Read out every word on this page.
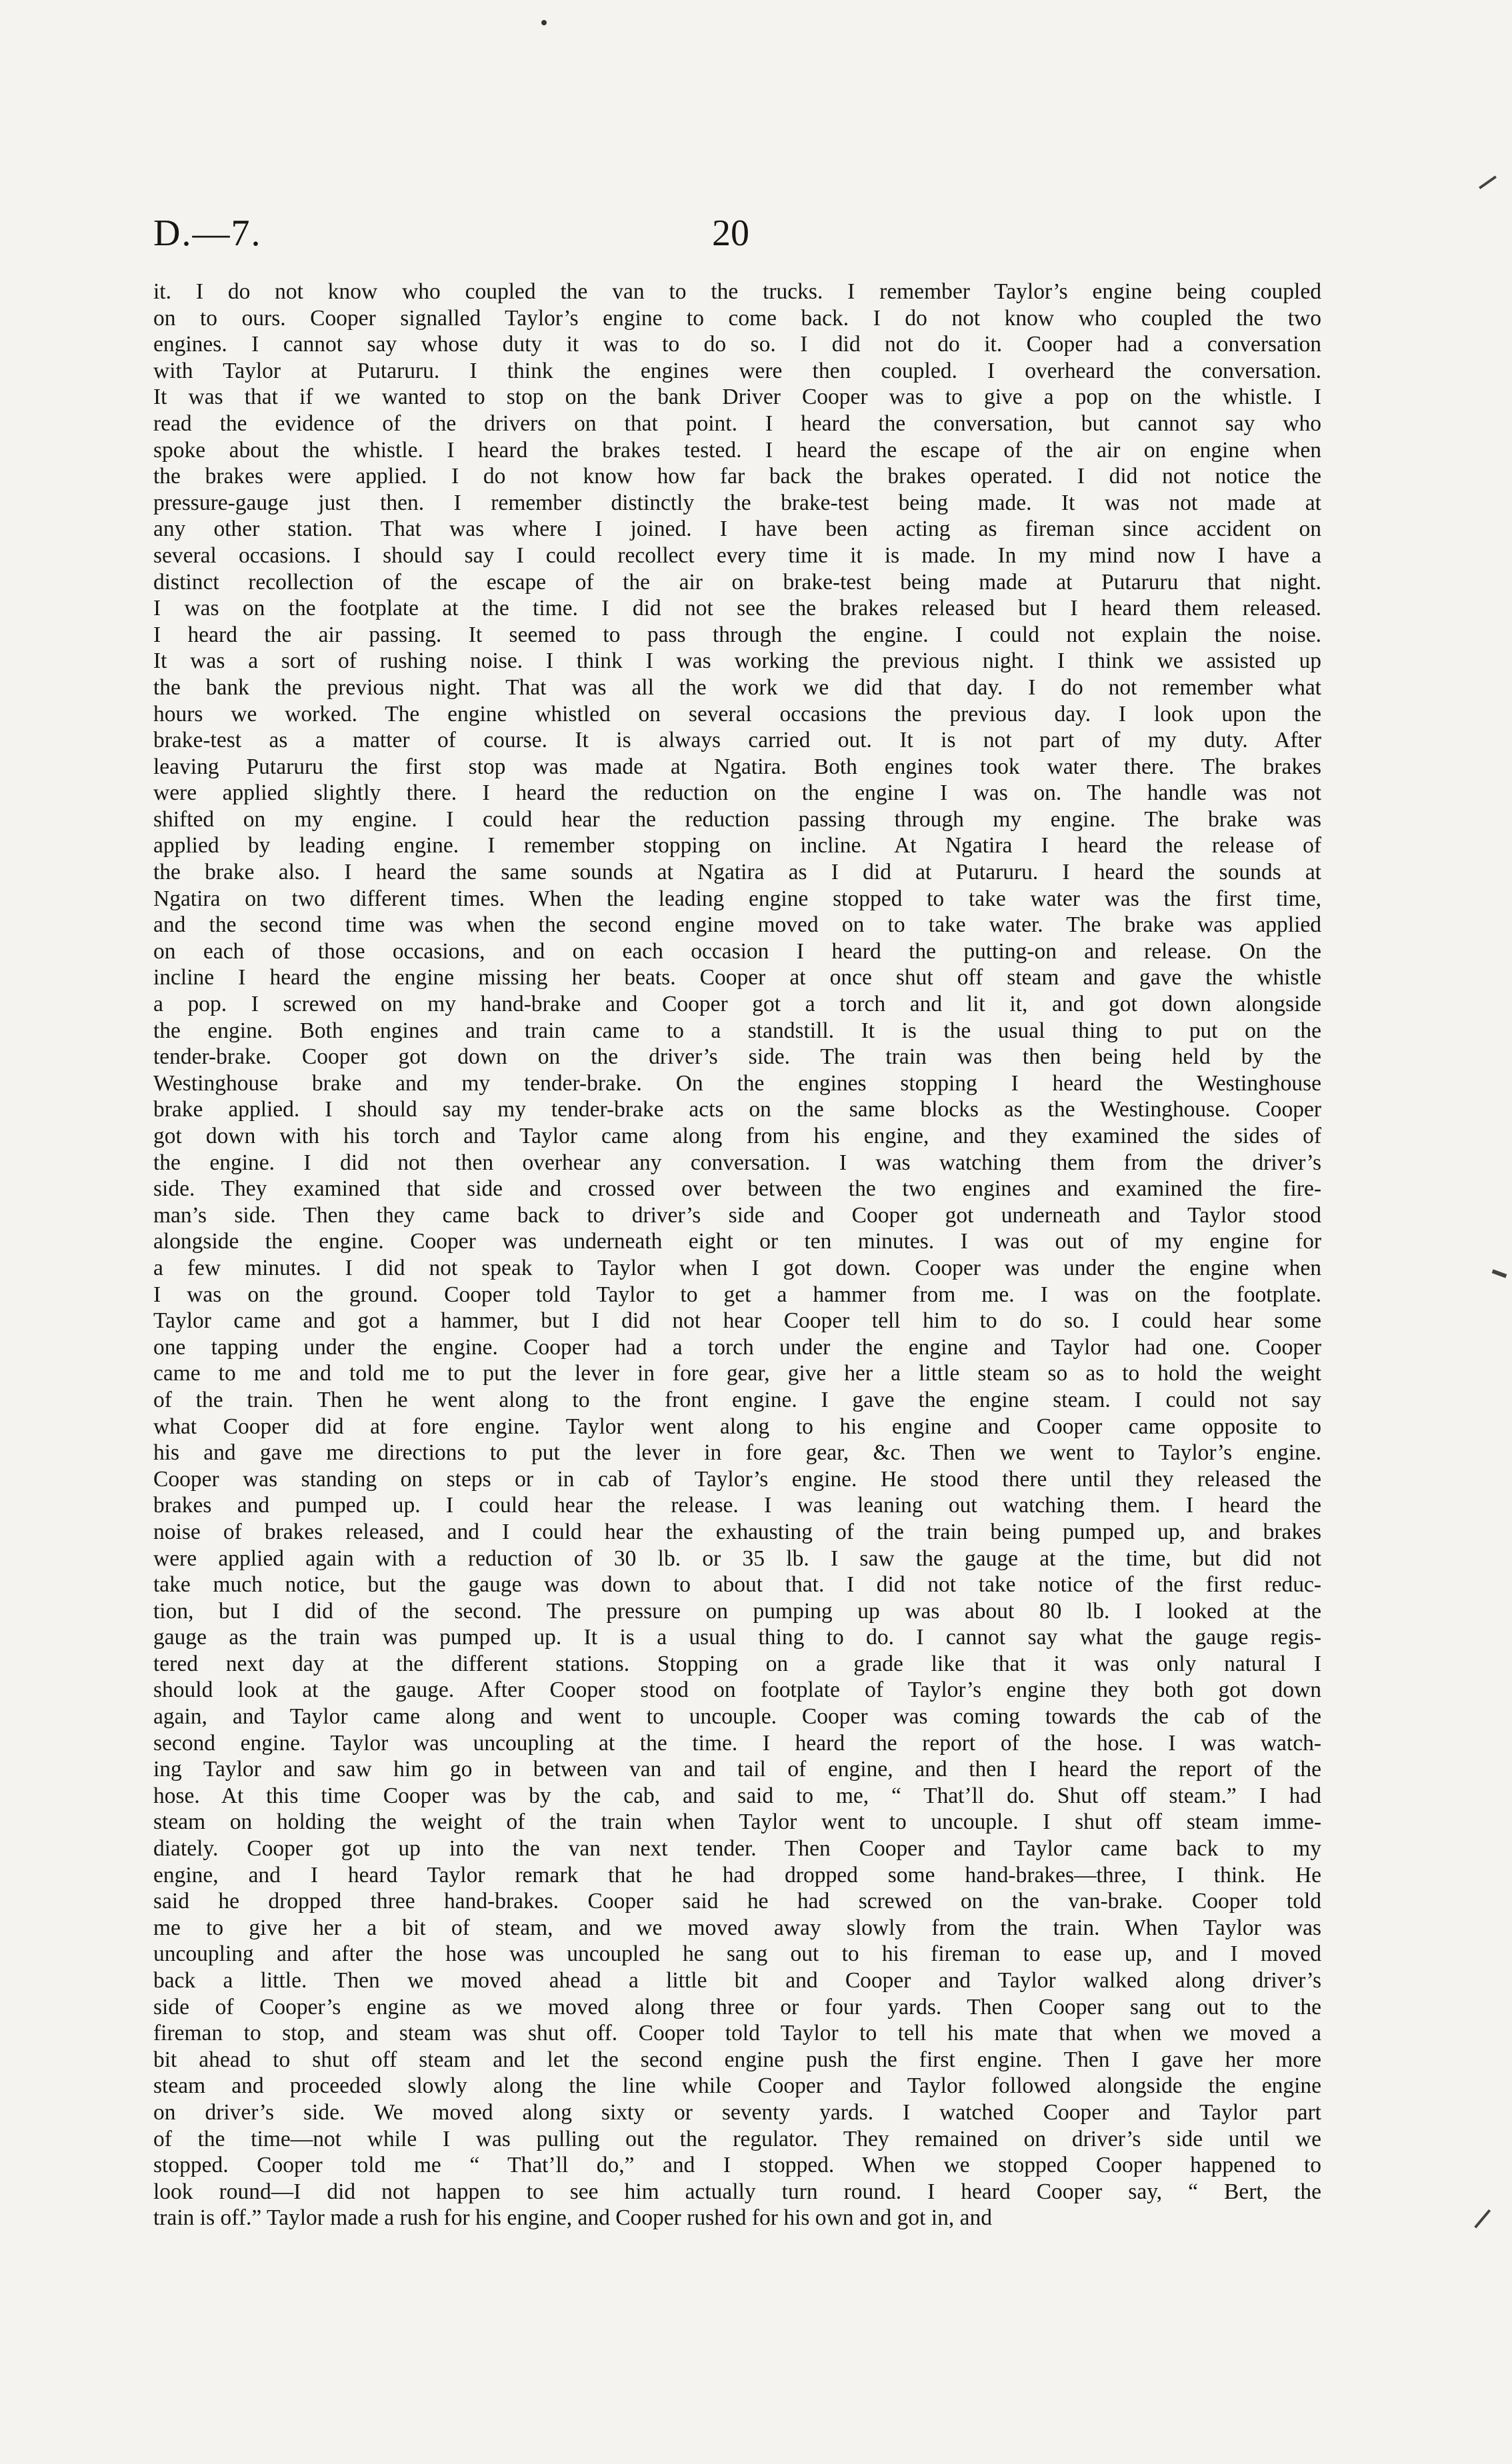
D.—7.	20
it. I do not know who coupled the van to the trucks. I remember Taylor’s engine being coupled
on to ours. Cooper signalled Taylor’s engine to come back. I do not know who coupled the two
engines. I cannot say whose duty it was to do so. I did not do it. Cooper had a conversation
with Taylor at Putaruru. I think the engines were then coupled. I overheard the conversation.
It was that if we wanted to stop on the bank Driver Cooper was to give a pop on the whistle. I
read the evidence of the drivers on that point. I heard the conversation, but cannot say who
spoke about the whistle. I heard the brakes tested. I heard the escape of the air on engine when
the brakes were applied. I do not know how far back the brakes operated. I did not notice the
pressure-gauge just then. I remember distinctly the brake-test being made. It was not made at
any other station. That was where I joined. I have been acting as fireman since accident on
several occasions. I should say I could recollect every time it is made. In my mind now I have a
distinct recollection of the escape of the air on brake-test being made at Putaruru that night.
I was on the footplate at the time. I did not see the brakes released but I heard them released.
I heard the air passing. It seemed to pass through the engine. I could not explain the noise.
It was a sort of rushing noise. I think I was working the previous night. I think we assisted up
the bank the previous night. That was all the work we did that day. I do not remember what
hours we worked. The engine whistled on several occasions the previous day. I look upon the
brake-test as a matter of course. It is always carried out. It is not part of my duty. After
leaving Putaruru the first stop was made at Ngatira. Both engines took water there. The brakes
were applied slightly there. I heard the reduction on the engine I was on. The handle was not
shifted on my engine. I could hear the reduction passing through my engine. The brake was
applied by leading engine. I remember stopping on incline. At Ngatira I heard the release of
the brake also. I heard the same sounds at Ngatira as I did at Putaruru. I heard the sounds at
Ngatira on two different times. When the leading engine stopped to take water was the first time,
and the second time was when the second engine moved on to take water. The brake was applied
on each of those occasions, and on each occasion I heard the putting-on and release. On the
incline I heard the engine missing her beats. Cooper at once shut off steam and gave the whistle
a pop. I screwed on my hand-brake and Cooper got a torch and lit it, and got down alongside
the engine. Both engines and train came to a standstill. It is the usual thing to put on the
tender-brake. Cooper got down on the driver’s side. The train was then being held by the
Westinghouse brake and my tender-brake. On the engines stopping I heard the Westinghouse
brake applied. I should say my tender-brake acts on the same blocks as the Westinghouse. Cooper
got down with his torch and Taylor came along from his engine, and they examined the sides of
the engine. I did not then overhear any conversation. I was watching them from the driver’s
side. They examined that side and crossed over between the two engines and examined the fire-
man’s side. Then they came back to driver’s side and Cooper got underneath and Taylor stood
alongside the engine. Cooper was underneath eight or ten minutes. I was out of my engine for
a few minutes. I did not speak to Taylor when I got down. Cooper was under the engine when
I was on the ground. Cooper told Taylor to get a hammer from me. I was on the footplate.
Taylor came and got a hammer, but I did not hear Cooper tell him to do so. I could hear some
one tapping under the engine. Cooper had a torch under the engine and Taylor had one. Cooper
came to me and told me to put the lever in fore gear, give her a little steam so as to hold the weight
of the train. Then he went along to the front engine. I gave the engine steam. I could not say
what Cooper did at fore engine. Taylor went along to his engine and Cooper came opposite to
his and gave me directions to put the lever in fore gear, &c. Then we went to Taylor’s engine.
Cooper was standing on steps or in cab of Taylor’s engine. He stood there until they released the
brakes and pumped up. I could hear the release. I was leaning out watching them. I heard the
noise of brakes released, and I could hear the exhausting of the train being pumped up, and brakes
were applied again with a reduction of 30 lb. or 35 lb. I saw the gauge at the time, but did not
take much notice, but the gauge was down to about that. I did not take notice of the first reduc-
tion, but I did of the second. The pressure on pumping up was about 80 lb. I looked at the
gauge as the train was pumped up. It is a usual thing to do. I cannot say what the gauge regis-
tered next day at the different stations. Stopping on a grade like that it was only natural I
should look at the gauge. After Cooper stood on footplate of Taylor’s engine they both got down
again, and Taylor came along and went to uncouple. Cooper was coming towards the cab of the
second engine. Taylor was uncoupling at the time. I heard the report of the hose. I was watch-
ing Taylor and saw him go in between van and tail of engine, and then I heard the report of the
hose. At this time Cooper was by the cab, and said to me, “ That’ll do. Shut off steam.” I had
steam on holding the weight of the train when Taylor went to uncouple. I shut off steam imme-
diately. Cooper got up into the van next tender. Then Cooper and Taylor came back to my
engine, and I heard Taylor remark that he had dropped some hand-brakes—three, I think. He
said he dropped three hand-brakes. Cooper said he had screwed on the van-brake. Cooper told
me to give her a bit of steam, and we moved away slowly from the train. When Taylor was
uncoupling and after the hose was uncoupled he sang out to his fireman to ease up, and I moved
back a little. Then we moved ahead a little bit and Cooper and Taylor walked along driver’s
side of Cooper’s engine as we moved along three or four yards. Then Cooper sang out to the
fireman to stop, and steam was shut off. Cooper told Taylor to tell his mate that when we moved a
bit ahead to shut off steam and let the second engine push the first engine. Then I gave her more
steam and proceeded slowly along the line while Cooper and Taylor followed alongside the engine
on driver’s side. We moved along sixty or seventy yards. I watched Cooper and Taylor part
of the time—not while I was pulling out the regulator. They remained on driver’s side until we
stopped. Cooper told me “ That’ll do,” and I stopped. When we stopped Cooper happened to
look round—I did not happen to see him actually turn round. I heard Cooper say, “ Bert, the
train is off.” Taylor made a rush for his engine, and Cooper rushed for his own and got in, and
